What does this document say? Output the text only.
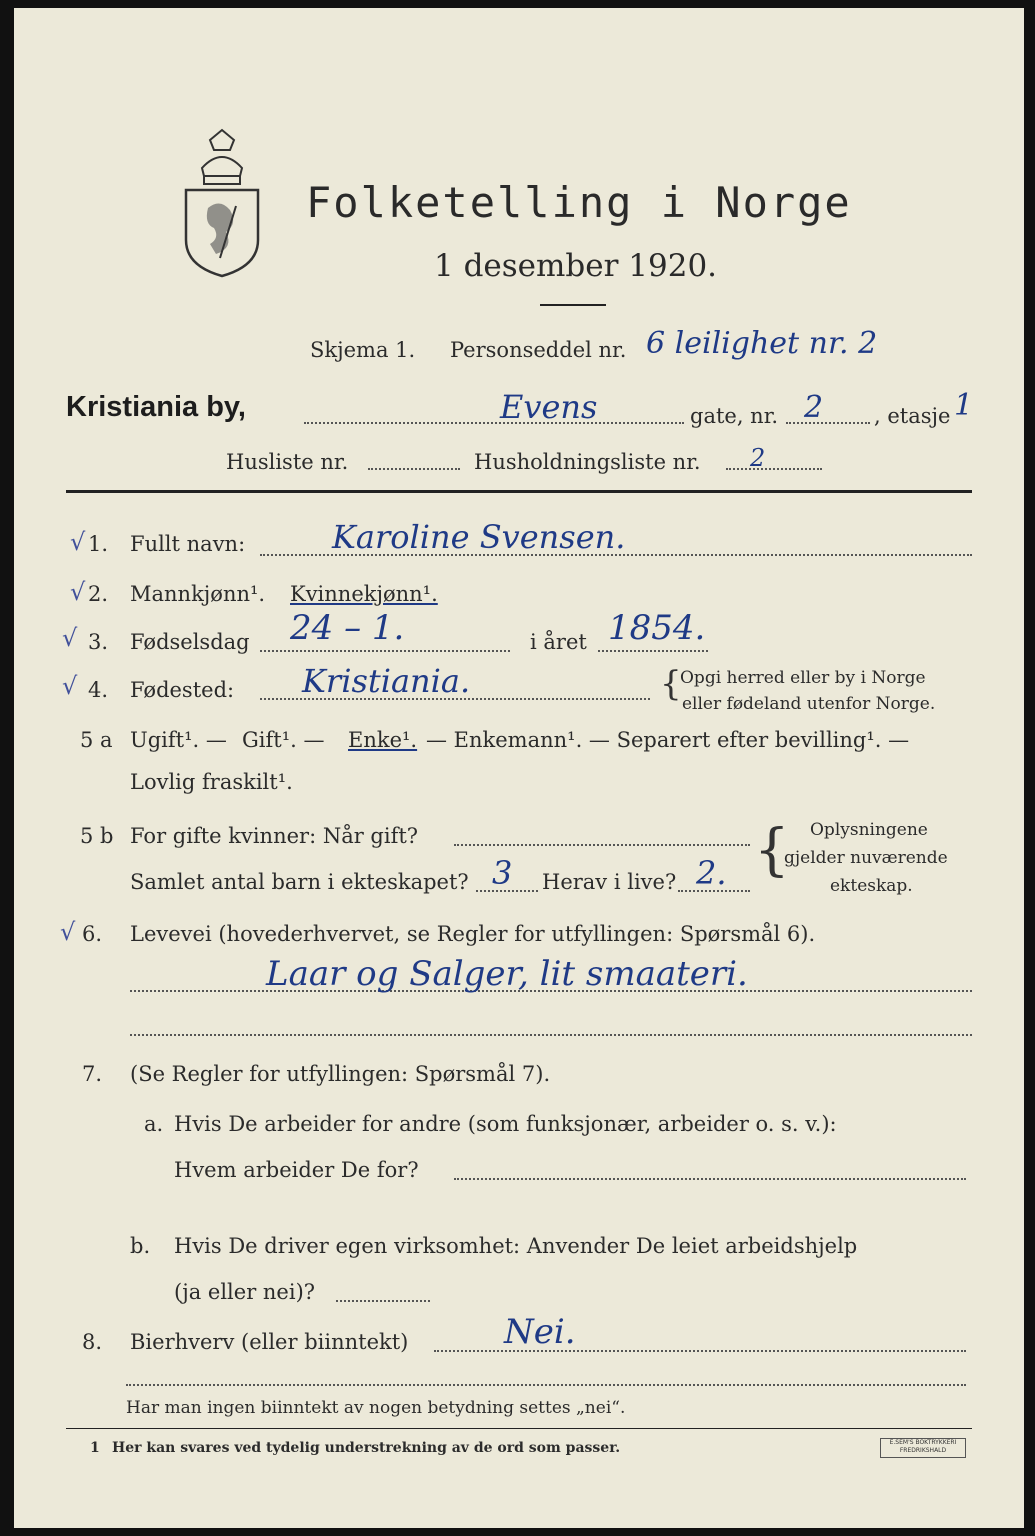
Folketelling i Norge
1 desember 1920.
Skjema 1. Personseddel nr. 6 leilighet nr. 2
Kristiania by,	Evens	gate, nr. 2 , etasje 1
Husliste nr.	Husholdningsliste nr. 2
√ 1. Fullt navn:	Karoline Svensen.
√ 2. Mannkjønn¹. Kvinnekjønn¹.
√ 3. Fødselsdag 24 – 1.	i året 1854.
√ 4. Fødested: Kristiania.	{
Opgi herred eller by i Norge
eller fødeland utenfor Norge.
5 a Ugift¹. — Gift¹. — Enke¹. — Enkemann¹. — Separert efter bevilling¹. —
Lovlig fraskilt¹.
5 b For gifte kvinner: Når gift?
Samlet antal barn i ekteskapet? 3 Herav i live? 2. { Oplysningene
gjelder nuværende
ekteskap.
√ 6. Levevei (hovederhvervet, se Regler for utfyllingen: Spørsmål 6).
Laar og Salger, lit smaateri.
7. (Se Regler for utfyllingen: Spørsmål 7).
a. Hvis De arbeider for andre (som funksjonær, arbeider o. s. v.):
Hvem arbeider De for?
b. Hvis De driver egen virksomhet: Anvender De leiet arbeidshjelp
(ja eller nei)?
8. Bierhverv (eller biinntekt)	Nei.
Har man ingen biinntekt av nogen betydning settes „nei“.
1 Her kan svares ved tydelig understrekning av de ord som passer.	E.SEM'S BOKTRYKKERI FREDRIKSHALD
